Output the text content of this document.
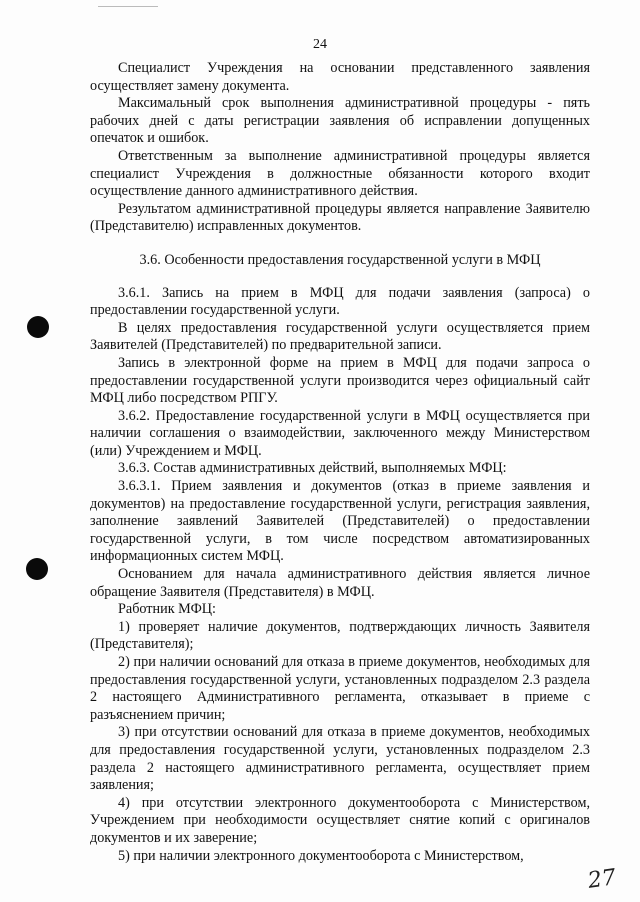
24

Специалист Учреждения на основании представленного заявления осуществляет замену документа.

Максимальный срок выполнения административной процедуры - пять рабочих дней с даты регистрации заявления об исправлении допущенных опечаток и ошибок.

Ответственным за выполнение административной процедуры является специалист Учреждения в должностные обязанности которого входит осуществление данного административного действия.

Результатом административной процедуры является направление Заявителю (Представителю) исправленных документов.

3.6. Особенности предоставления государственной услуги в МФЦ

3.6.1. Запись на прием в МФЦ для подачи заявления (запроса) о предоставлении государственной услуги.

В целях предоставления государственной услуги осуществляется прием Заявителей (Представителей) по предварительной записи.

Запись в электронной форме на прием в МФЦ для подачи запроса о предоставлении государственной услуги производится через официальный сайт МФЦ либо посредством РПГУ.

3.6.2. Предоставление государственной услуги в МФЦ осуществляется при наличии соглашения о взаимодействии, заключенного между Министерством (или) Учреждением и МФЦ.

3.6.3. Состав административных действий, выполняемых МФЦ:

3.6.3.1. Прием заявления и документов (отказ в приеме заявления и документов) на предоставление государственной услуги, регистрация заявления, заполнение заявлений Заявителей (Представителей) о предоставлении государственной услуги, в том числе посредством автоматизированных информационных систем МФЦ.

Основанием для начала административного действия является личное обращение Заявителя (Представителя) в МФЦ.

Работник МФЦ:

1) проверяет наличие документов, подтверждающих личность Заявителя (Представителя);

2) при наличии оснований для отказа в приеме документов, необходимых для предоставления государственной услуги, установленных подразделом 2.3 раздела 2 настоящего Административного регламента, отказывает в приеме с разъяснением причин;

3) при отсутствии оснований для отказа в приеме документов, необходимых для предоставления государственной услуги, установленных подразделом 2.3 раздела 2 настоящего административного регламента, осуществляет прием заявления;

4) при отсутствии электронного документооборота с Министерством, Учреждением при необходимости осуществляет снятие копий с оригиналов документов и их заверение;

5) при наличии электронного документооборота с Министерством,

27
